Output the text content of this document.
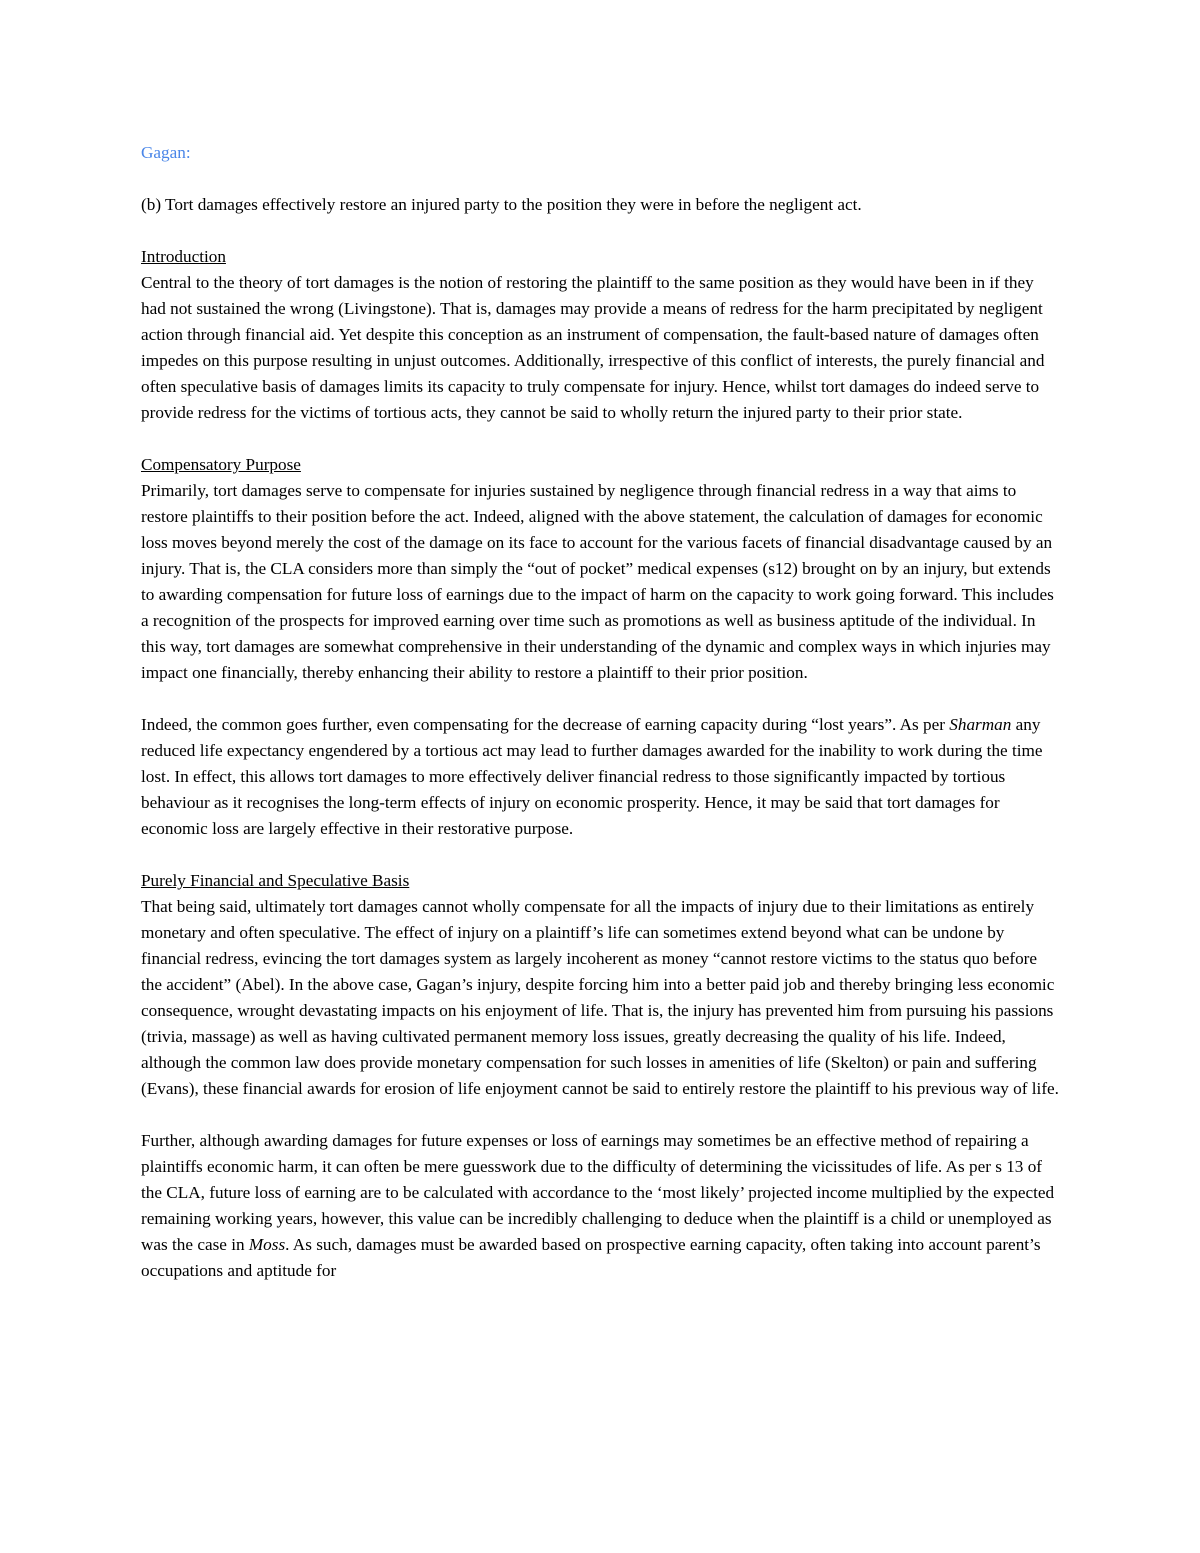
Gagan:
(b) Tort damages effectively restore an injured party to the position they were in before the negligent act.
Introduction
Central to the theory of tort damages is the notion of restoring the plaintiff to the same position as they would have been in if they had not sustained the wrong (Livingstone). That is, damages may provide a means of redress for the harm precipitated by negligent action through financial aid. Yet despite this conception as an instrument of compensation, the fault-based nature of damages often impedes on this purpose resulting in unjust outcomes. Additionally, irrespective of this conflict of interests, the purely financial and often speculative basis of damages limits its capacity to truly compensate for injury. Hence, whilst tort damages do indeed serve to provide redress for the victims of tortious acts, they cannot be said to wholly return the injured party to their prior state.
Compensatory Purpose

Primarily, tort damages serve to compensate for injuries sustained by negligence through financial redress in a way that aims to restore plaintiffs to their position before the act. Indeed, aligned with the above statement, the calculation of damages for economic loss moves beyond merely the cost of the damage on its face to account for the various facets of financial disadvantage caused by an injury. That is, the CLA considers more than simply the “out of pocket” medical expenses (s12) brought on by an injury, but extends to awarding compensation for future loss of earnings due to the impact of harm on the capacity to work going forward. This includes a recognition of the prospects for improved earning over time such as promotions as well as business aptitude of the individual. In this way, tort damages are somewhat comprehensive in their understanding of the dynamic and complex ways in which injuries may impact one financially, thereby enhancing their ability to restore a plaintiff to their prior position.

Indeed, the common goes further, even compensating for the decrease of earning capacity during “lost years”. As per Sharman any reduced life expectancy engendered by a tortious act may lead to further damages awarded for the inability to work during the time lost. In effect, this allows tort damages to more effectively deliver financial redress to those significantly impacted by tortious behaviour as it recognises the long-term effects of injury on economic prosperity. Hence, it may be said that tort damages for economic loss are largely effective in their restorative purpose.

Purely Financial and Speculative Basis

That being said, ultimately tort damages cannot wholly compensate for all the impacts of injury due to their limitations as entirely monetary and often speculative. The effect of injury on a plaintiff’s life can sometimes extend beyond what can be undone by financial redress, evincing the tort damages system as largely incoherent as money “cannot restore victims to the status quo before the accident” (Abel). In the above case, Gagan’s injury, despite forcing him into a better paid job and thereby bringing less economic consequence, wrought devastating impacts on his enjoyment of life. That is, the injury has prevented him from pursuing his passions (trivia, massage) as well as having cultivated permanent memory loss issues, greatly decreasing the quality of his life. Indeed, although the common law does provide monetary compensation for such losses in amenities of life (Skelton) or pain and suffering (Evans), these financial awards for erosion of life enjoyment cannot be said to entirely restore the plaintiff to his previous way of life.

Further, although awarding damages for future expenses or loss of earnings may sometimes be an effective method of repairing a plaintiffs economic harm, it can often be mere guesswork due to the difficulty of determining the vicissitudes of life. As per s 13 of the CLA, future loss of earning are to be calculated with accordance to the ‘most likely’ projected income multiplied by the expected remaining working years, however, this value can be incredibly challenging to deduce when the plaintiff is a child or unemployed as was the case in Moss. As such, damages must be awarded based on prospective earning capacity, often taking into account parent’s occupations and aptitude for
